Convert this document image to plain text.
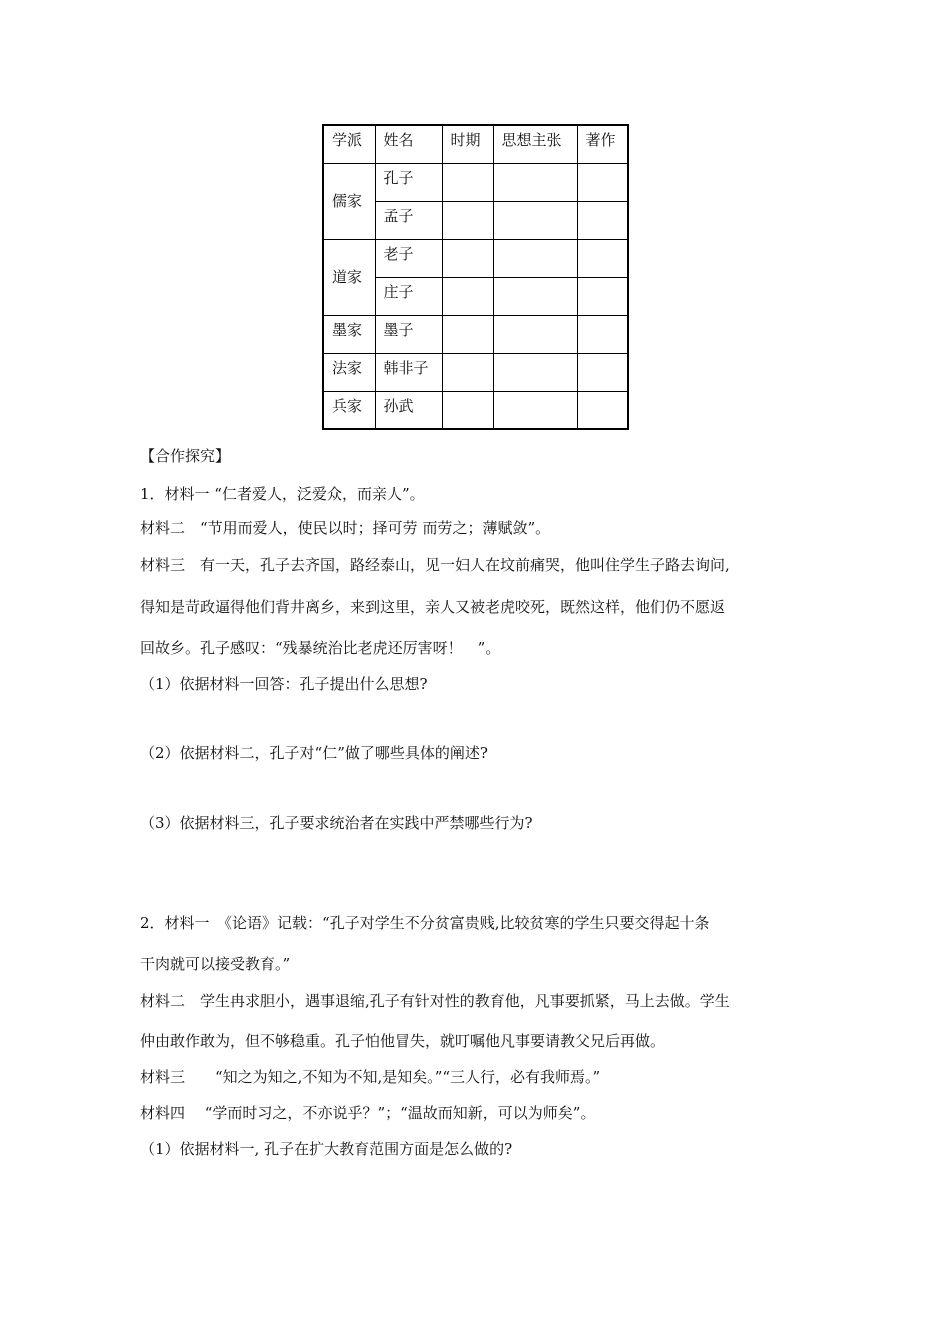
学派	姓名	时期	思想主张	著作
儒家	孔子			
	孟子			
道家	老子			
	庄子			
墨家	墨子			
法家	韩非子			
兵家	孙武			
【合作探究】
1．材料一 “仁者爱人，泛爱众，而亲人”。
材料二　“节用而爱人，使民以时；择可劳 而劳之；薄赋敛”。
材料三　有一天，孔子去齐国，路经泰山，见一妇人在坟前痛哭，他叫住学生子路去询问,
得知是苛政逼得他们背井离乡，来到这里，亲人又被老虎咬死，既然这样，他们仍不愿返
回故乡。孔子感叹：“残暴统治比老虎还厉害呀！　”。
（1）依据材料一回答：孔子提出什么思想?
（2）依据材料二，孔子对“仁”做了哪些具体的阐述?
（3）依据材料三，孔子要求统治者在实践中严禁哪些行为?
2．材料一　《论语》记载：“孔子对学生不分贫富贵贱,比较贫寒的学生只要交得起十条
干肉就可以接受教育。”
材料二　学生冉求胆小，遇事退缩,孔子有针对性的教育他，凡事要抓紧，马上去做。学生
仲由敢作敢为，但不够稳重。孔子怕他冒失，就叮嘱他凡事要请教父兄后再做。
材料三　　“知之为知之,不知为不知,是知矣。”“三人行，必有我师焉。”
材料四　 “学而时习之，不亦说乎？”；“温故而知新，可以为师矣”。
（1）依据材料一, 孔子在扩大教育范围方面是怎么做的?
